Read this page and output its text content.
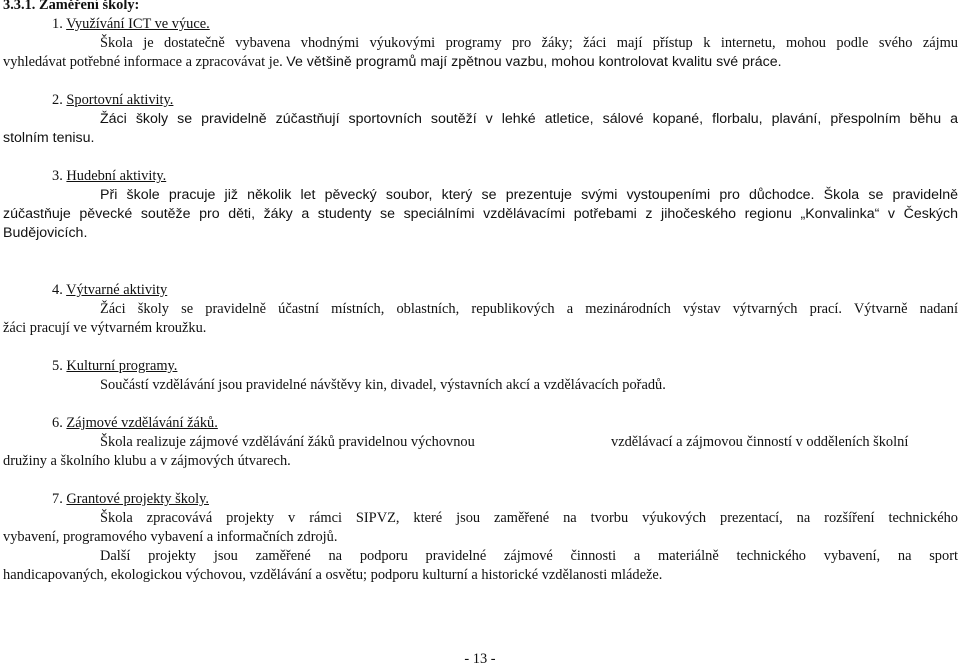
3.3.1. Zaměření školy:
1. Využívání ICT ve výuce.
Škola je dostatečně vybavena vhodnými výukovými programy pro žáky; žáci mají přístup k internetu, mohou podle svého zájmu
vyhledávat potřebné informace a zpracovávat je. Ve většině programů mají zpětnou vazbu, mohou kontrolovat kvalitu své práce.
2. Sportovní aktivity.
Žáci školy se pravidelně zúčastňují sportovních soutěží v lehké atletice, sálové kopané, florbalu, plavání, přespolním běhu a
stolním tenisu.
3. Hudební aktivity.
Při škole pracuje již několik let pěvecký soubor, který se prezentuje svými vystoupeními pro důchodce. Škola se pravidelně
zúčastňuje pěvecké soutěže pro děti, žáky a studenty se speciálními vzdělávacími potřebami z jihočeského regionu „Konvalinka“ v Českých
Budějovicích.
4. Výtvarné aktivity
Žáci školy se pravidelně účastní místních, oblastních, republikových a mezinárodních výstav výtvarných prací. Výtvarně nadaní
žáci pracují ve výtvarném kroužku.
5. Kulturní programy.
Součástí vzdělávání jsou pravidelné návštěvy kin, divadel, výstavních akcí a vzdělávacích pořadů.
6. Zájmové vzdělávání žáků.
Škola realizuje zájmové vzdělávání žáků pravidelnou výchovnou	vzdělávací a zájmovou činností v odděleních školní
družiny a školního klubu a v zájmových útvarech.
7. Grantové projekty školy.
Škola zpracovává projekty v rámci SIPVZ, které jsou zaměřené na tvorbu výukových prezentací, na rozšíření technického
vybavení, programového vybavení a informačních zdrojů.
Další projekty jsou zaměřené na podporu pravidelné zájmové činnosti a materiálně technického vybavení, na sport
handicapovaných, ekologickou výchovou, vzdělávání a osvětu; podporu kulturní a historické vzdělanosti mládeže.
- 13 -
